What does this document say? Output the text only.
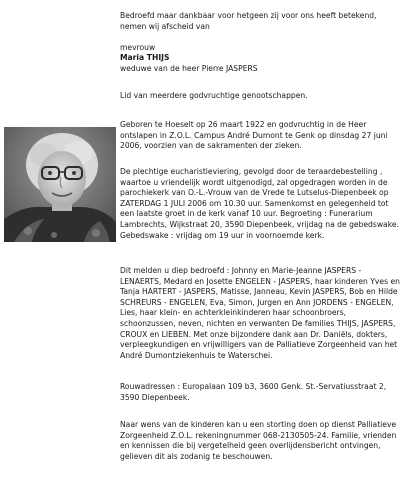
Bedroefd maar dankbaar voor hetgeen zij voor ons heeft betekend,

nemen wij afscheid van

mevrouw

Maria THIJS

weduwe van de heer Pierre JASPERS

Lid van meerdere godvruchtige genootschappen.

Geboren te Hoeselt op 26 maart 1922 en godvruchtig in de Heer

ontslapen in Z.O.L. Campus André Dumont te Genk op dinsdag 27 juni

2006, voorzien van de sakramenten der zieken.

De plechtige eucharistieviering, gevolgd door de teraardebestelling ,

waartoe u vriendelijk wordt uitgenodigd, zal opgedragen worden in de

parochiekerk van O.-L.-Vrouw van de Vrede te Lutselus-Diepenbeek op

ZATERDAG 1 JULI 2006 om 10.30 uur. Samenkomst en gelegenheid tot

een laatste groet in de kerk vanaf 10 uur. Begroeting : Funerarium

Lambrechts, Wijkstraat 20, 3590 Diepenbeek, vrijdag na de gebedswake.

Gebedswake : vrijdag om 19 uur in voornoemde kerk.

Dit melden u diep bedroefd : Johnny en Marie-Jeanne JASPERS -

LENAERTS, Medard en Josette ENGELEN - JASPERS, haar kinderen Yves en

Tanja HARTERT - JASPERS, Matisse, Janneau, Kevin JASPERS, Bob en Hilde

SCHREURS - ENGELEN, Eva, Simon, Jurgen en Ann JORDENS - ENGELEN,

Lies, haar klein- en achterkleinkinderen haar schoonbroers,

schoonzussen, neven, nichten en verwanten De families THIJS, JASPERS,

CROUX en LIEBEN. Met onze bijzondere dank aan Dr. Daniëls, dokters,

verpleegkundigen en vrijwilligers van de Palliatieve Zorgeenheid van het

André Dumontziekenhuis te Waterschei.

Rouwadressen : Europalaan 109 b3, 3600 Genk. St.-Servatiusstraat 2,

3590 Diepenbeek.

Naar wens van de kinderen kan u een storting doen op dienst Palliatieve

Zorgeenheid Z.O.L. rekeningnummer 068-2130505-24. Familie, vrienden

en kennissen die bij vergetelheid geen overlijdensbericht ontvingen,

gelieven dit als zodanig te beschouwen.
